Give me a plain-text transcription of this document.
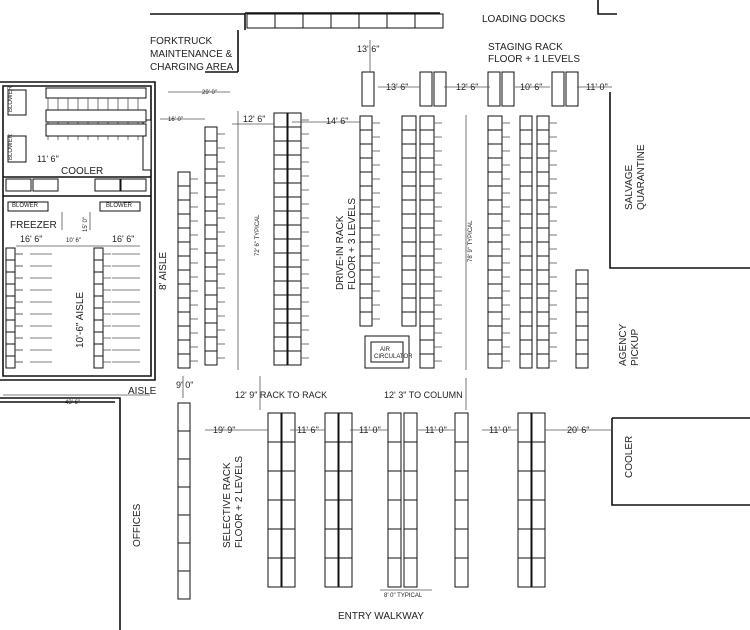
AIR
CIRCULATOR
LOADING DOCKS
FORKTRUCK
MAINTENANCE &
CHARGING AREA
STAGING RACK
FLOOR + 1 LEVELS
COOLER
FREEZER
10'-6" AISLE
8' AISLE
AISLE
DRIVE-IN RACK FLOOR + 3 LEVELS
SELECTIVE RACK FLOOR + 2 LEVELS
OFFICES
ENTRY WALKWAY
SALVAGE QUARANTINE
AGENCY PICKUP
COOLER
12' 9" RACK TO RACK	12' 3" TO COLUMN
72' 6" TYPICAL	78' 9" TYPICAL
8' 0" TYPICAL
BLOWER	BLOWER
BLOWER
BLOWER
13' 6"
29' 0"
13' 6"	12' 6"	10' 6"	11' 0"
16' 0"	12' 6"	14' 6"
11' 6"
15' 0"
16' 6"	10' 6"	16' 6"
9' 0"
43' 6"
19' 9"	11' 6"	11' 0"	11' 0"	11' 0"	20' 6"
